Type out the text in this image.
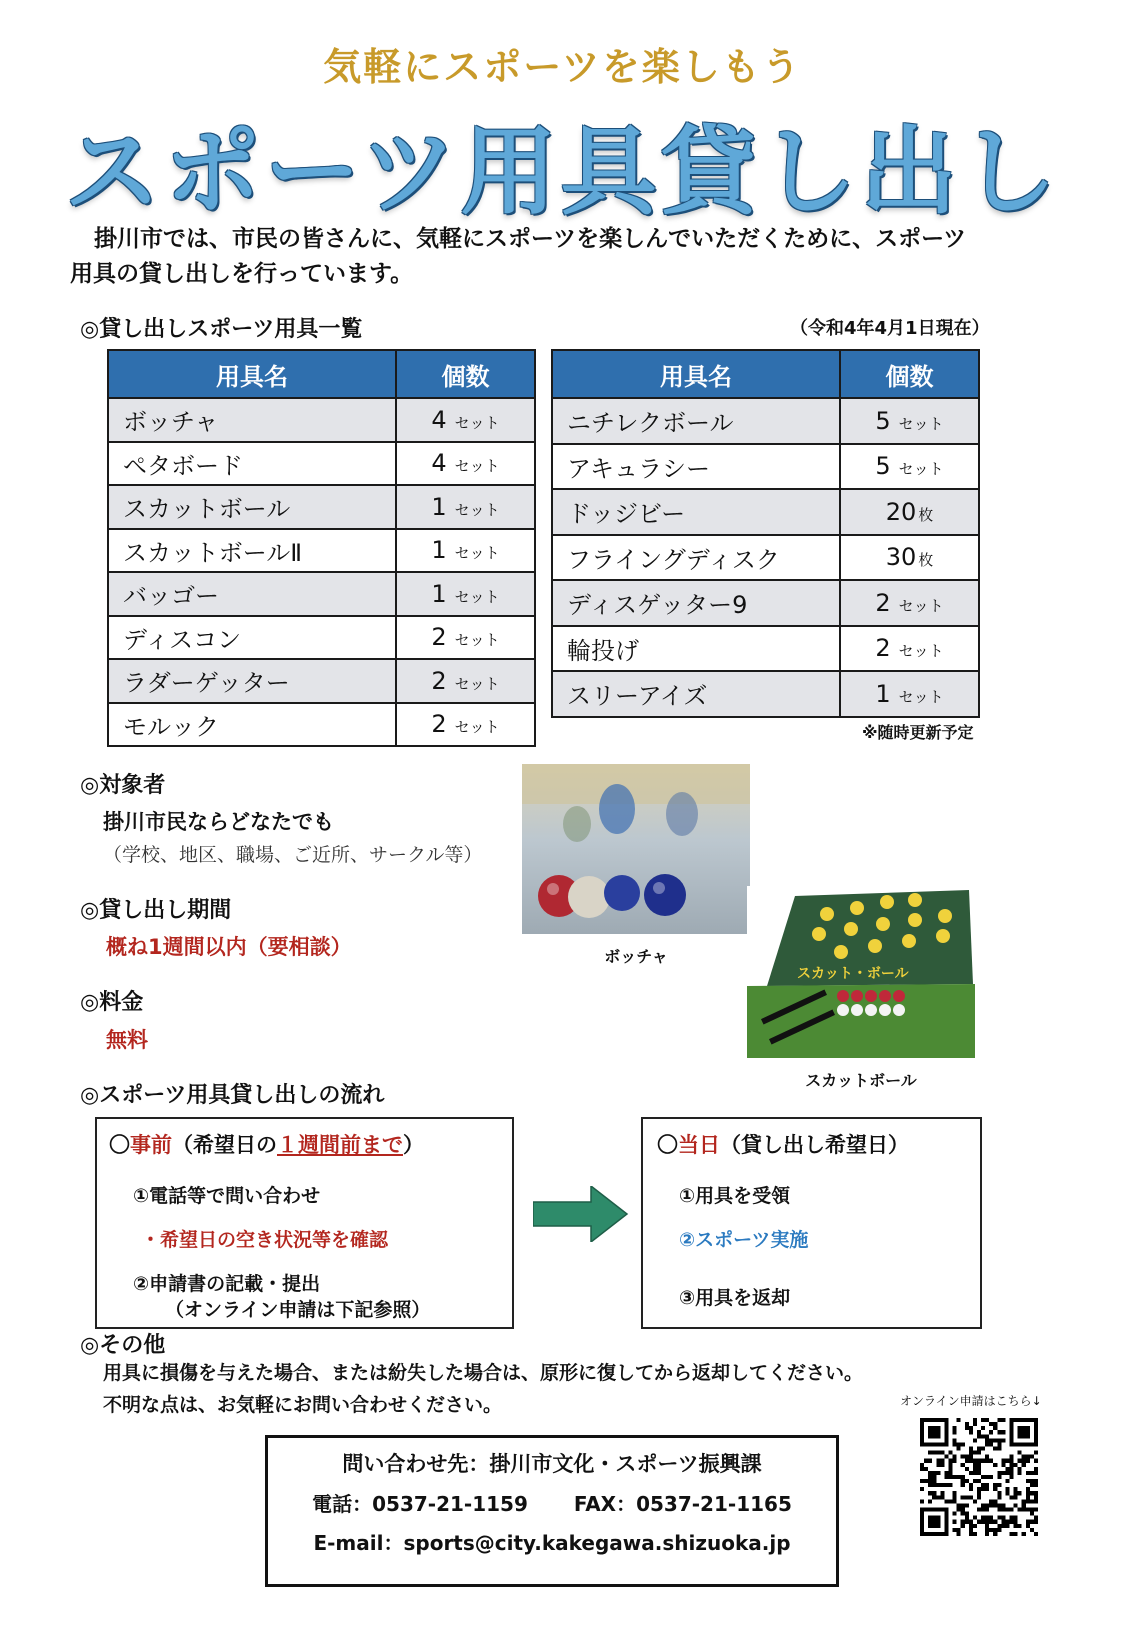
気軽にスポーツを楽しもう
スポーツ用具貸し出し
掛川市では、市民の皆さんに、気軽にスポーツを楽しんでいただくために、スポーツ
用具の貸し出しを行っています。
◎貸し出しスポーツ用具一覧	（令和4年4月1日現在）
用具名	個数
ボッチャ	4 セット
ペタボード	4 セット
スカットボール	1 セット
スカットボールⅡ	1 セット
バッゴー	1 セット
ディスコン	2 セット
ラダーゲッター	2 セット
モルック	2 セット
用具名	個数
ニチレクボール	5 セット
アキュラシー	5 セット
ドッジビー	20 枚
フライングディスク	30 枚
ディスゲッター9	2 セット
輪投げ	2 セット
スリーアイズ	1 セット
※随時更新予定
◎対象者
掛川市民ならどなたでも
（学校、地区、職場、ご近所、サークル等）
◎貸し出し期間
概ね1週間以内（要相談）
◎料金
無料
ボッチャ
スカット・ボール
スカットボール
◎スポーツ用具貸し出しの流れ
〇事前（希望日の１週間前まで）
①電話等で問い合わせ
・希望日の空き状況等を確認
②申請書の記載・提出
（オンライン申請は下記参照）
〇当日（貸し出し希望日）
①用具を受領
②スポーツ実施
③用具を返却
◎その他
用具に損傷を与えた場合、または紛失した場合は、原形に復してから返却してください。
不明な点は、お気軽にお問い合わせください。	オンライン申請はこちら↓
問い合わせ先：掛川市文化・スポーツ振興課
電話：0537-21-1159 FAX：0537-21-1165
E-mail：sports@city.kakegawa.shizuoka.jp
